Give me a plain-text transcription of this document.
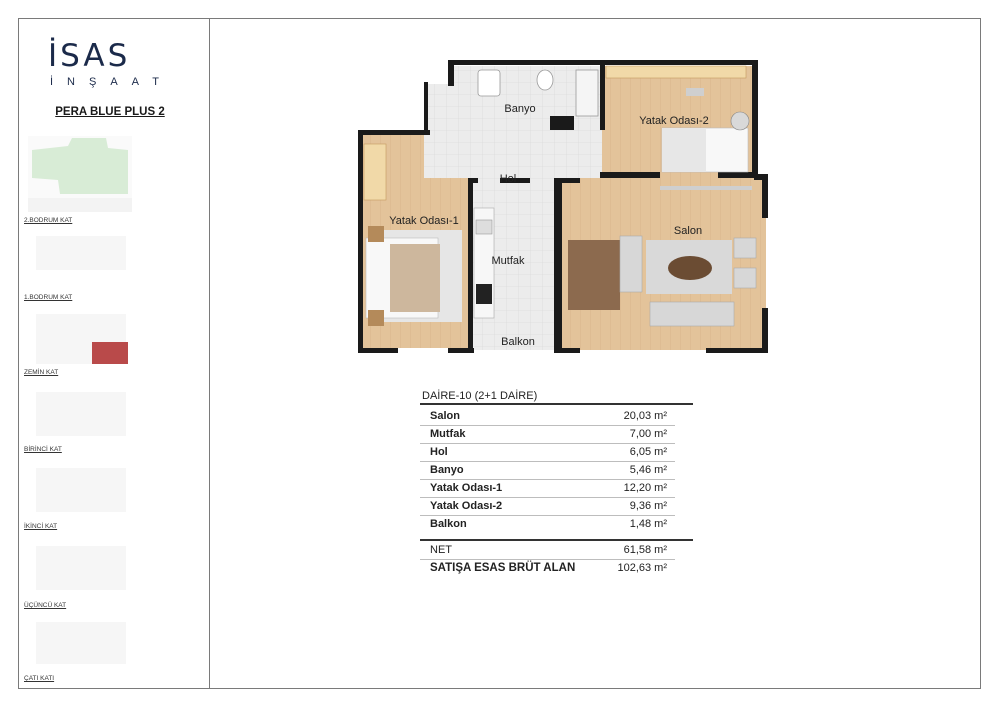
İSAS
İNŞAAT
PERA BLUE PLUS 2
2.BODRUM KAT
1.BODRUM KAT
ZEMİN KAT
BİRİNCİ KAT
İKİNCİ KAT
ÜÇÜNCÜ KAT
ÇATI KATI
Banyo
Yatak Odası-2
Yatak Odası-1
Hol
Mutfak
Salon
Balkon
DAİRE-10 (2+1 DAİRE)
Salon	20,03 m²
Mutfak	7,00 m²
Hol	6,05 m²
Banyo	5,46 m²
Yatak Odası-1	12,20 m²
Yatak Odası-2	9,36 m²
Balkon	1,48 m²
NET	61,58 m²
SATIŞA ESAS BRÜT ALAN	102,63 m²
